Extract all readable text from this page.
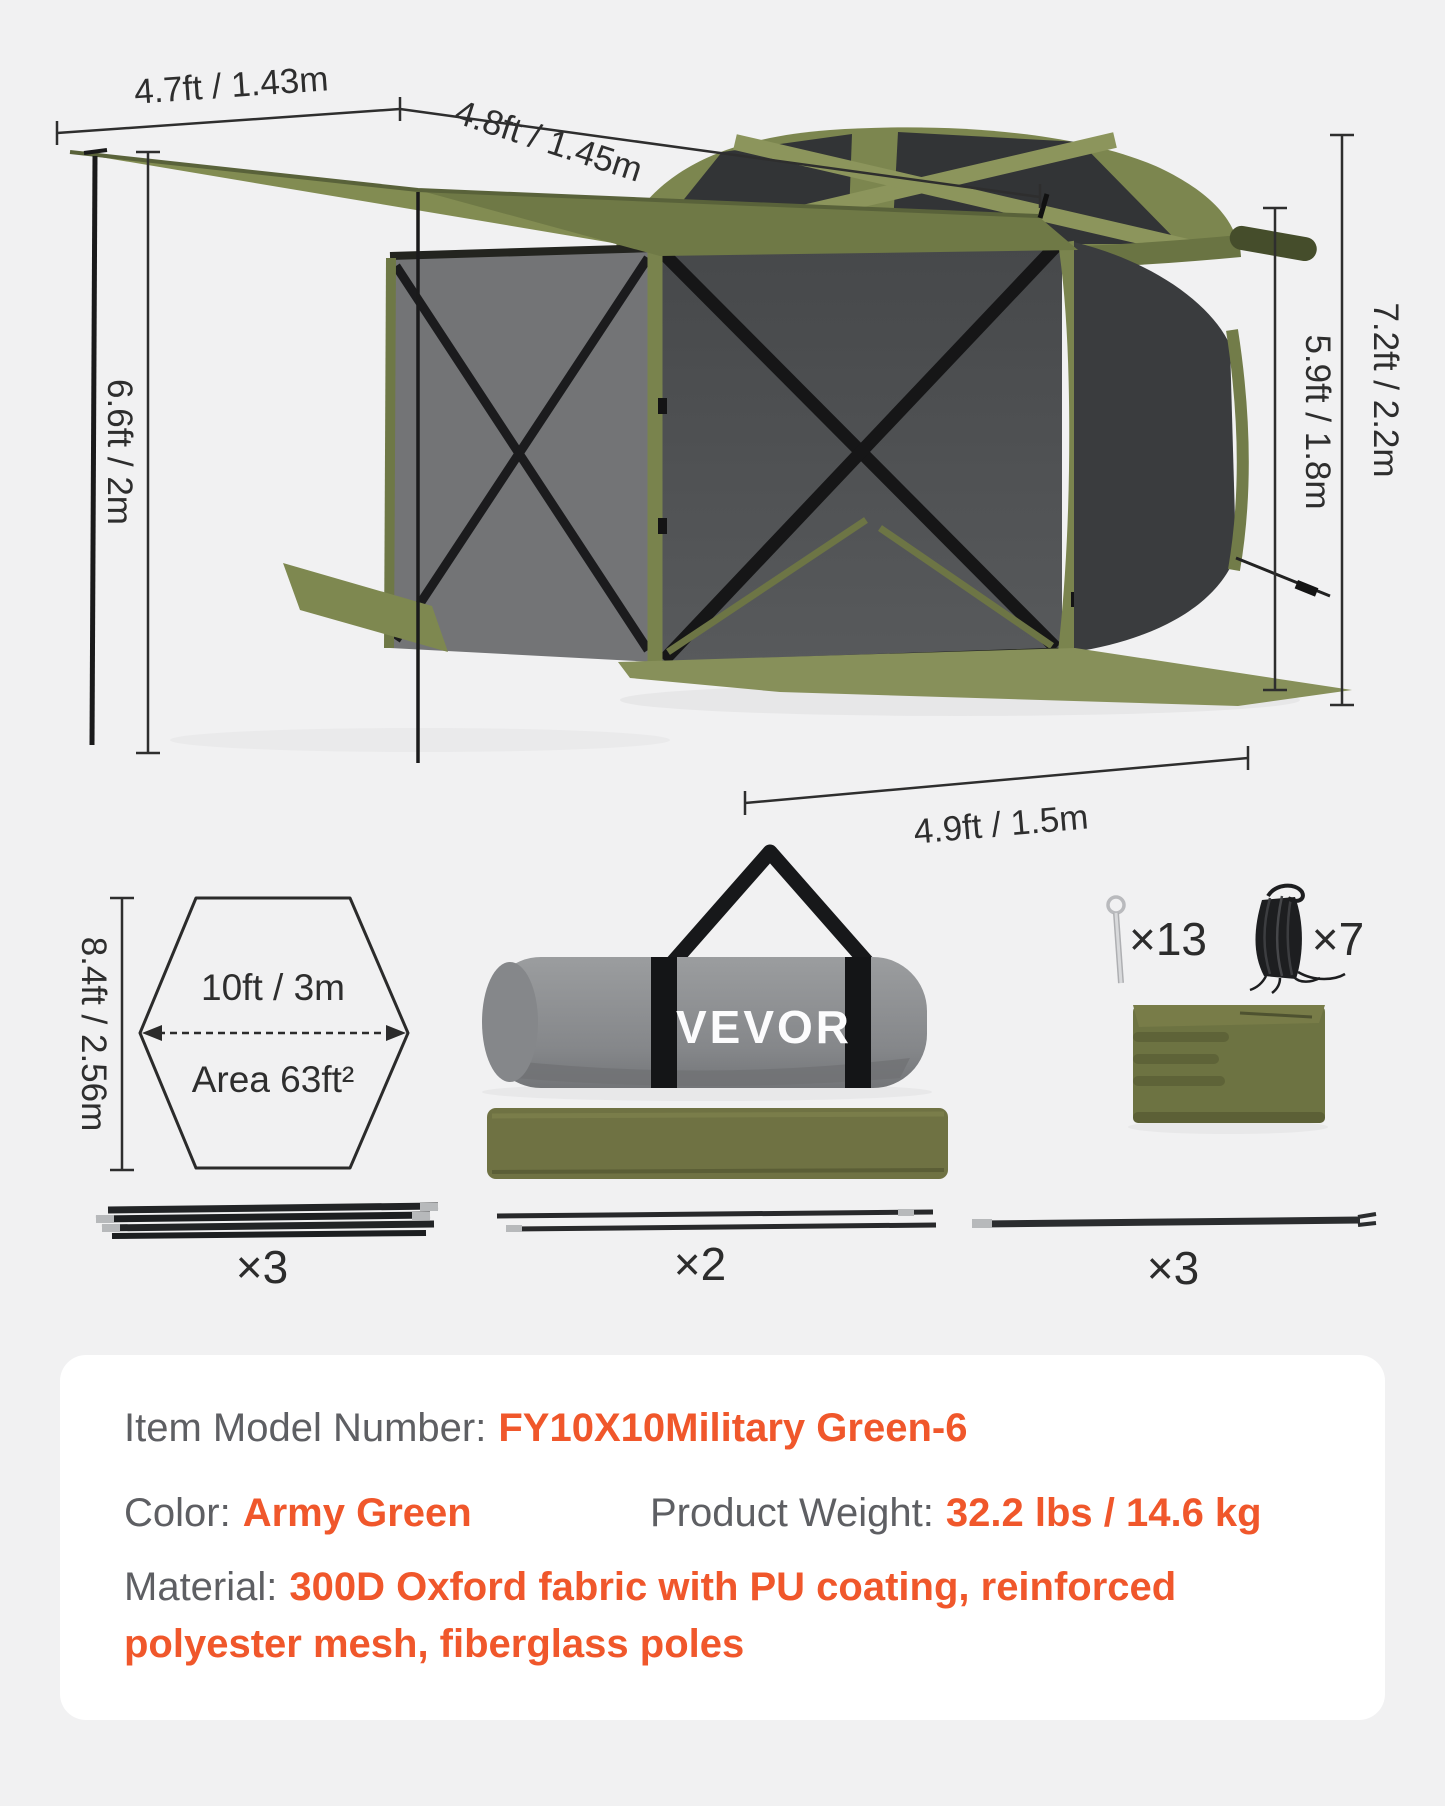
4.7ft / 1.43m
4.8ft / 1.45m
6.6ft / 2m	7.2ft / 2.2m
5.9ft / 1.8m
4.9ft / 1.5m
10ft / 3m
Area 63ft²
8.4ft / 2.56m
×3
VEVOR
×2
×13 ×7
×3
Item Model Number: FY10X10Military Green-6
Color: Army Green	Product Weight: 32.2 lbs / 14.6 kg
Material: 300D Oxford fabric with PU coating, reinforced
polyester mesh, fiberglass poles
